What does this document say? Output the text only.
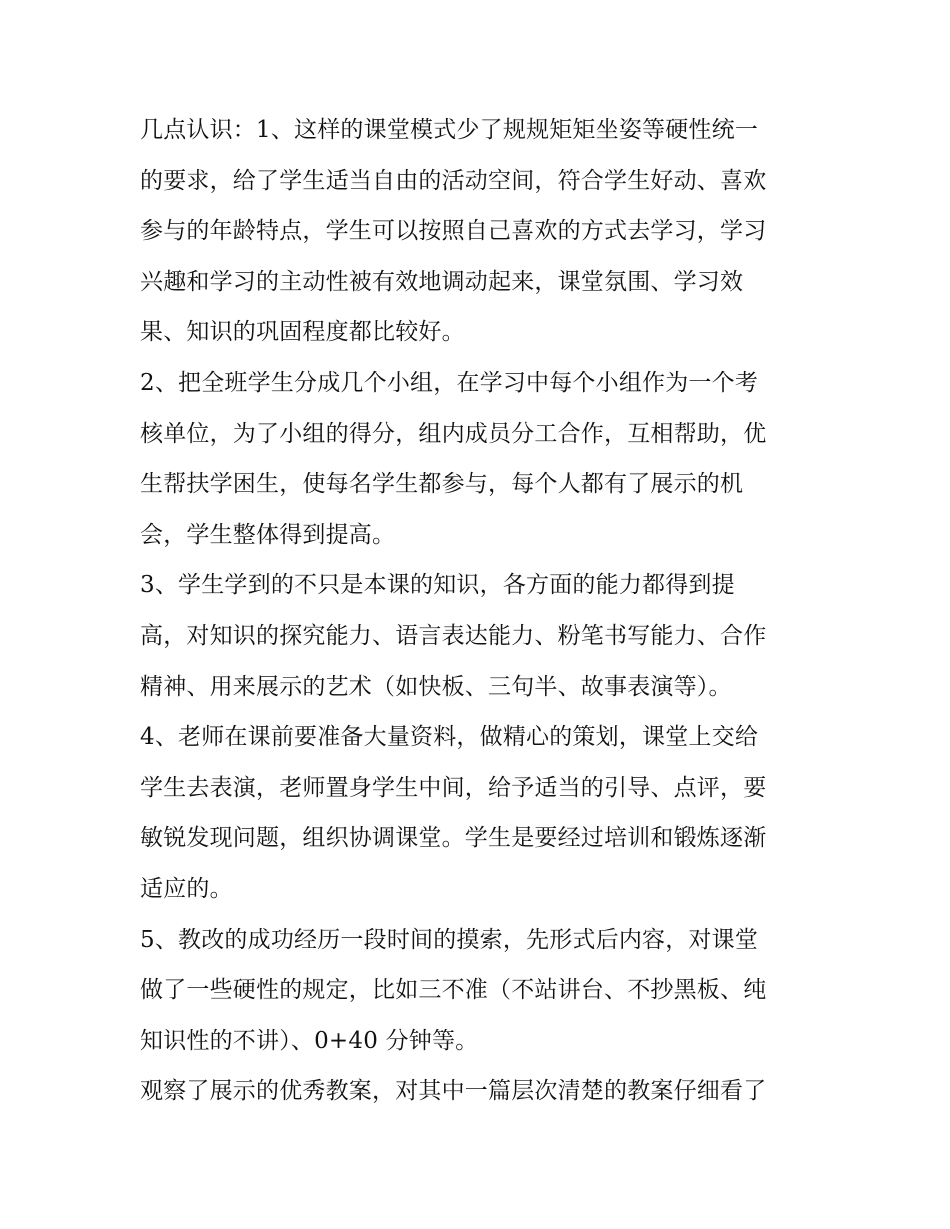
几点认识：1、这样的课堂模式少了规规矩矩坐姿等硬性统一
的要求，给了学生适当自由的活动空间，符合学生好动、喜欢
参与的年龄特点，学生可以按照自己喜欢的方式去学习，学习
兴趣和学习的主动性被有效地调动起来，课堂氛围、学习效
果、知识的巩固程度都比较好。
2、把全班学生分成几个小组，在学习中每个小组作为一个考
核单位，为了小组的得分，组内成员分工合作，互相帮助，优
生帮扶学困生，使每名学生都参与，每个人都有了展示的机
会，学生整体得到提高。
3、学生学到的不只是本课的知识，各方面的能力都得到提
高，对知识的探究能力、语言表达能力、粉笔书写能力、合作
精神、用来展示的艺术（如快板、三句半、故事表演等）。
4、老师在课前要准备大量资料，做精心的策划，课堂上交给
学生去表演，老师置身学生中间，给予适当的引导、点评，要
敏锐发现问题，组织协调课堂。学生是要经过培训和锻炼逐渐
适应的。
5、教改的成功经历一段时间的摸索，先形式后内容，对课堂
做了一些硬性的规定，比如三不准（不站讲台、不抄黑板、纯
知识性的不讲）、0+40 分钟等。
观察了展示的优秀教案，对其中一篇层次清楚的教案仔细看了
